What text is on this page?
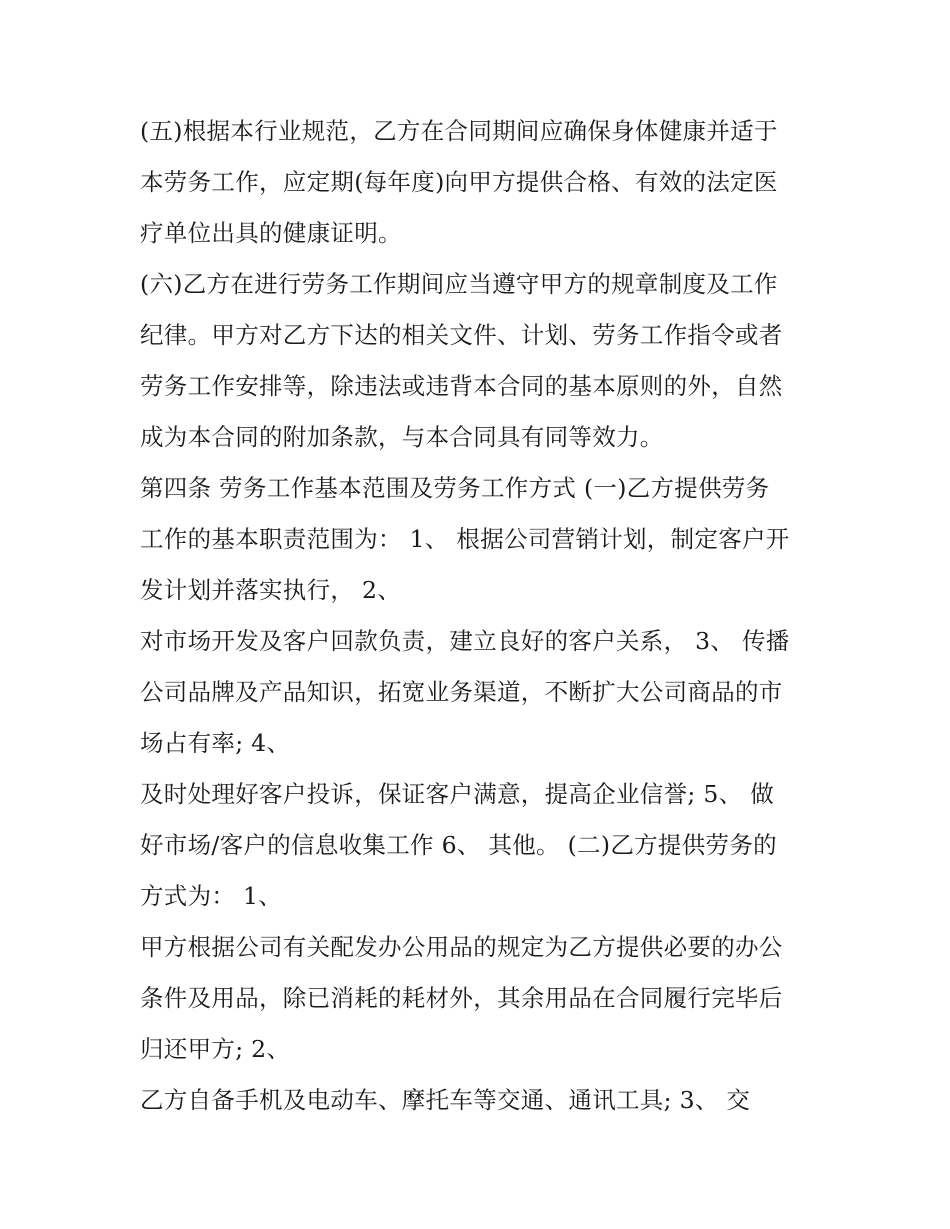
(五)根据本行业规范，乙方在合同期间应确保身体健康并适于
本劳务工作，应定期(每年度)向甲方提供合格、有效的法定医
疗单位出具的健康证明。
(六)乙方在进行劳务工作期间应当遵守甲方的规章制度及工作
纪律。甲方对乙方下达的相关文件、计划、劳务工作指令或者
劳务工作安排等，除违法或违背本合同的基本原则的外，自然
成为本合同的附加条款，与本合同具有同等效力。
第四条 劳务工作基本范围及劳务工作方式 (一)乙方提供劳务
工作的基本职责范围为： 1、 根据公司营销计划，制定客户开
发计划并落实执行， 2、
对市场开发及客户回款负责，建立良好的客户关系， 3、 传播
公司品牌及产品知识，拓宽业务渠道，不断扩大公司商品的市
场占有率; 4、
及时处理好客户投诉，保证客户满意，提高企业信誉; 5、 做
好市场/客户的信息收集工作 6、 其他。 (二)乙方提供劳务的
方式为： 1、
甲方根据公司有关配发办公用品的规定为乙方提供必要的办公
条件及用品，除已消耗的耗材外，其余用品在合同履行完毕后
归还甲方; 2、
乙方自备手机及电动车、摩托车等交通、通讯工具; 3、 交
